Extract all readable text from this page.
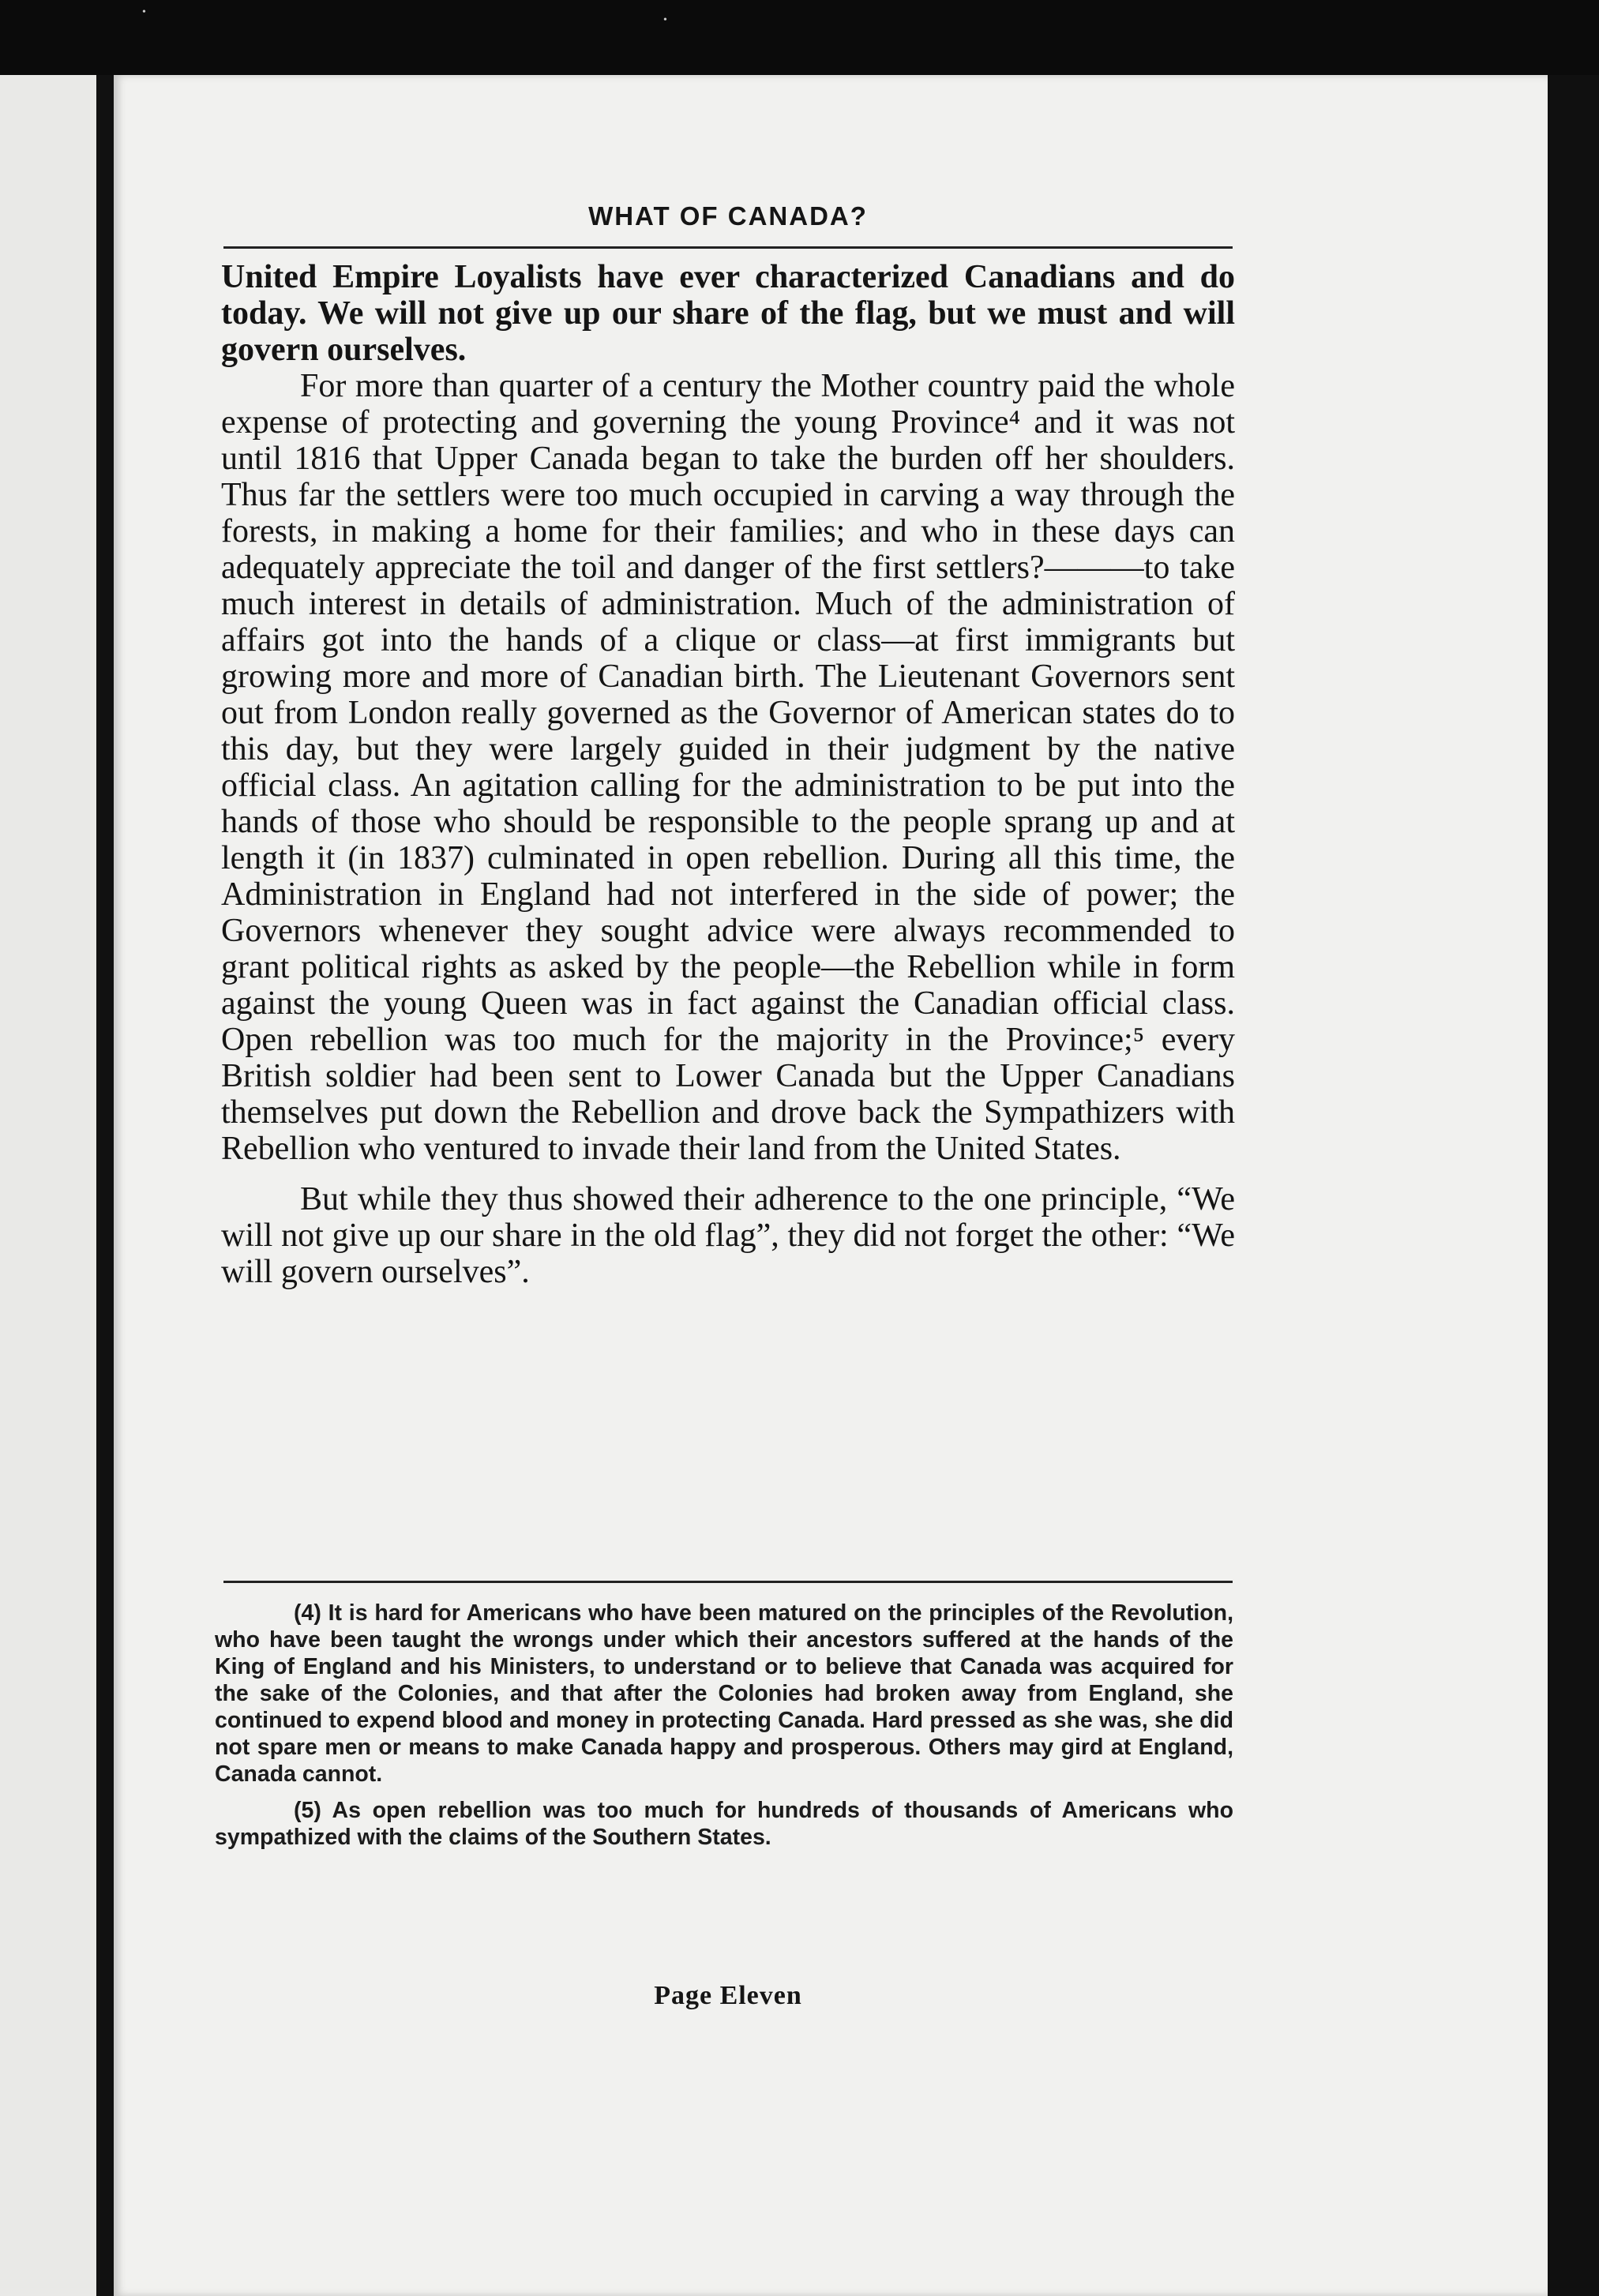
•
•
WHAT OF CANADA?

United Empire Loyalists have ever characterized Canadians and do today. We will not give up our share of the flag, but we must and will govern ourselves.

For more than quarter of a century the Mother country paid the whole expense of protecting and governing the young Province⁴ and it was not until 1816 that Upper Canada began to take the burden off her shoulders. Thus far the settlers were too much occupied in carving a way through the forests, in making a home for their families; and who in these days can adequately appreciate the toil and danger of the first settlers?———to take much interest in details of administration. Much of the administration of affairs got into the hands of a clique or class—at first immigrants but growing more and more of Canadian birth. The Lieutenant Governors sent out from London really governed as the Governor of American states do to this day, but they were largely guided in their judgment by the native official class. An agitation calling for the administration to be put into the hands of those who should be responsible to the people sprang up and at length it (in 1837) culminated in open rebellion. During all this time, the Administration in England had not interfered in the side of power; the Governors whenever they sought advice were always recommended to grant political rights as asked by the people—the Rebellion while in form against the young Queen was in fact against the Canadian official class. Open rebellion was too much for the majority in the Province;⁵ every British soldier had been sent to Lower Canada but the Upper Canadians themselves put down the Rebellion and drove back the Sympathizers with Rebellion who ventured to invade their land from the United States.

But while they thus showed their adherence to the one principle, “We will not give up our share in the old flag”, they did not forget the other: “We will govern ourselves”.

(4) It is hard for Americans who have been matured on the principles of the Revolution, who have been taught the wrongs under which their ancestors suffered at the hands of the King of England and his Ministers, to understand or to believe that Canada was acquired for the sake of the Colonies, and that after the Colonies had broken away from England, she continued to expend blood and money in protecting Canada. Hard pressed as she was, she did not spare men or means to make Canada happy and prosperous. Others may gird at England, Canada cannot.

(5) As open rebellion was too much for hundreds of thousands of Americans who sympathized with the claims of the Southern States.

Page Eleven
